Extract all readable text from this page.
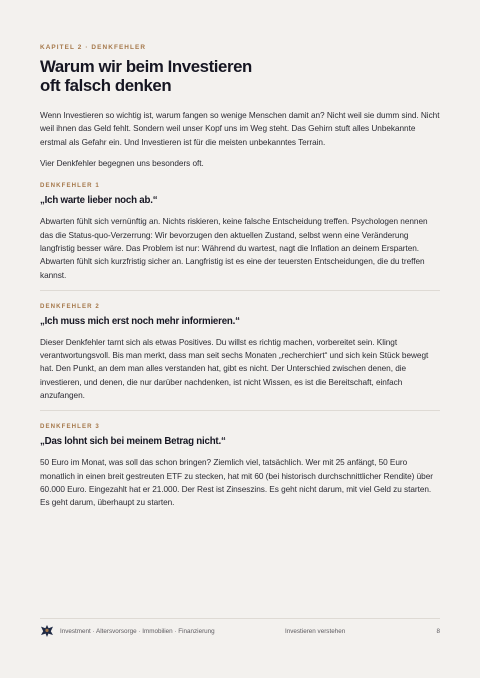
KAPITEL 2 · DENKFEHLER
Warum wir beim Investieren
oft falsch denken

Wenn Investieren so wichtig ist, warum fangen so wenige Menschen damit an? Nicht weil sie dumm sind. Nicht weil ihnen das Geld fehlt. Sondern weil unser Kopf uns im Weg steht. Das Gehirn stuft alles Unbekannte erstmal als Gefahr ein. Und Investieren ist für die meisten unbekanntes Terrain.

Vier Denkfehler begegnen uns besonders oft.

DENKFEHLER 1
„Ich warte lieber noch ab.“

Abwarten fühlt sich vernünftig an. Nichts riskieren, keine falsche Entscheidung treffen. Psychologen nennen das die Status-quo-Verzerrung: Wir bevorzugen den aktuellen Zustand, selbst wenn eine Veränderung langfristig besser wäre. Das Problem ist nur: Während du wartest, nagt die Inflation an deinem Ersparten. Abwarten fühlt sich kurzfristig sicher an. Langfristig ist es eine der teuersten Entscheidungen, die du treffen kannst.

DENKFEHLER 2
„Ich muss mich erst noch mehr informieren.“

Dieser Denkfehler tarnt sich als etwas Positives. Du willst es richtig machen, vorbereitet sein. Klingt verantwortungsvoll. Bis man merkt, dass man seit sechs Monaten „recherchiert“ und sich kein Stück bewegt hat. Den Punkt, an dem man alles verstanden hat, gibt es nicht. Der Unterschied zwischen denen, die investieren, und denen, die nur darüber nachdenken, ist nicht Wissen, es ist die Bereitschaft, einfach anzufangen.

DENKFEHLER 3
„Das lohnt sich bei meinem Betrag nicht.“

50 Euro im Monat, was soll das schon bringen? Ziemlich viel, tatsächlich. Wer mit 25 anfängt, 50 Euro monatlich in einen breit gestreuten ETF zu stecken, hat mit 60 (bei historisch durchschnittlicher Rendite) über 60.000 Euro. Eingezahlt hat er 21.000. Der Rest ist Zinseszins. Es geht nicht darum, mit viel Geld zu starten. Es geht darum, überhaupt zu starten.

Investment · Altersvorsorge · Immobilien · Finanzierung	Investieren verstehen	8
